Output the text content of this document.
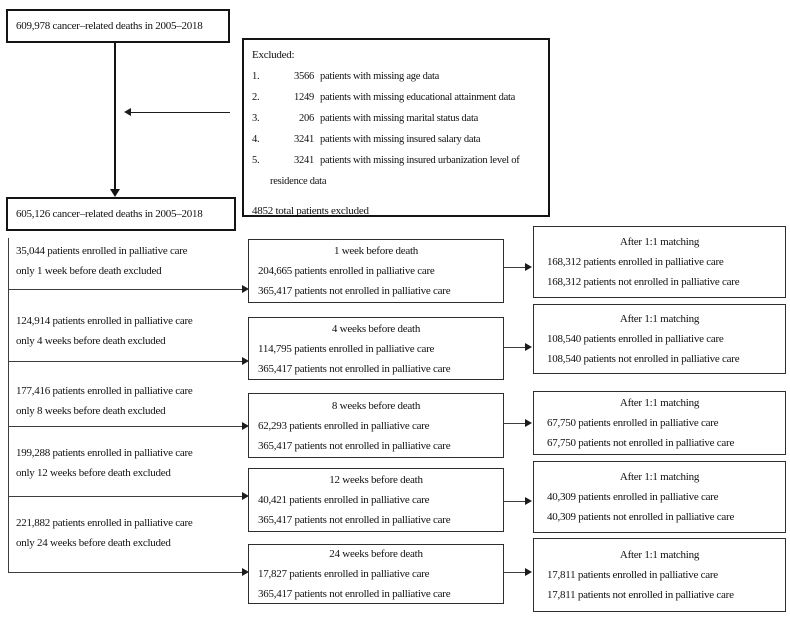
609,978 cancer–related deaths in 2005–2018
Excluded:
1.	3566 patients with missing age data
2.	1249 patients with missing educational attainment data
3.	206 patients with missing marital status data
4.	3241 patients with missing insured salary data
5.	3241 patients with missing insured urbanization level of
residence data
4852 total patients excluded
605,126 cancer–related deaths in 2005–2018
35,044 patients enrolled in palliative care
only 1 week before death excluded
1 week before death
204,665 patients enrolled in palliative care
365,417 patients not enrolled in palliative care
After 1:1 matching
168,312 patients enrolled in palliative care
168,312 patients not enrolled in palliative care
124,914 patients enrolled in palliative care
only 4 weeks before death excluded
4 weeks before death
114,795 patients enrolled in palliative care
365,417 patients not enrolled in palliative care
After 1:1 matching
108,540 patients enrolled in palliative care
108,540 patients not enrolled in palliative care
177,416 patients enrolled in palliative care
only 8 weeks before death excluded	8 weeks before death
62,293 patients enrolled in palliative care
365,417 patients not enrolled in palliative care
After 1:1 matching
67,750 patients enrolled in palliative care
67,750 patients not enrolled in palliative care
199,288 patients enrolled in palliative care
only 12 weeks before death excluded
12 weeks before death
40,421 patients enrolled in palliative care
365,417 patients not enrolled in palliative care
After 1:1 matching
40,309 patients enrolled in palliative care
40,309 patients not enrolled in palliative care
221,882 patients enrolled in palliative care
only 24 weeks before death excluded
24 weeks before death
17,827 patients enrolled in palliative care
365,417 patients not enrolled in palliative care
After 1:1 matching
17,811 patients enrolled in palliative care
17,811 patients not enrolled in palliative care
